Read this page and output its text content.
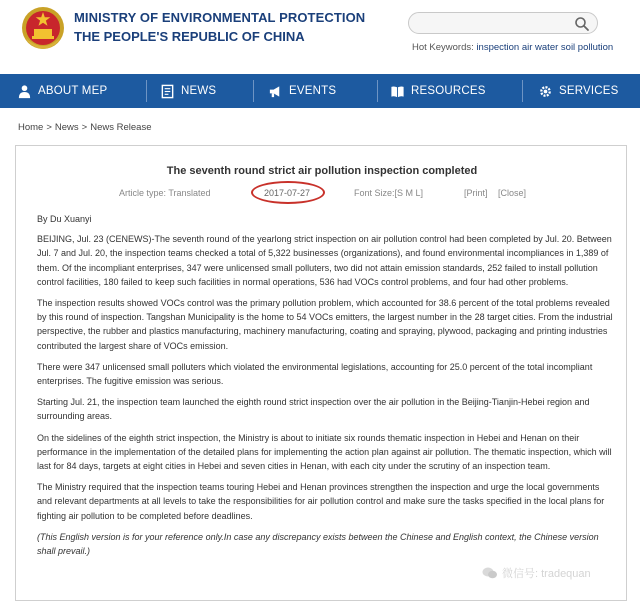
MINISTRY OF ENVIRONMENTAL PROTECTION
THE PEOPLE'S REPUBLIC OF CHINA
Hot Keywords: inspection air water soil pollution
ABOUT MEP	NEWS	EVENTS	RESOURCES	SERVICES
Home > News > News Release
The seventh round strict air pollution inspection completed
Article type: Translated	2017-07-27	Font Size:[S M L]	[Print] [Close]

By Du Xuanyi

BEIJING, Jul. 23 (CENEWS)-The seventh round of the yearlong strict inspection on air pollution control had been completed by Jul. 20. Between Jul. 7 and Jul. 20, the inspection teams checked a total of 5,322 businesses (organizations), and found environmental incompliances in 1,389 of them. Of the incompliant enterprises, 347 were unlicensed small polluters, two did not attain emission standards, 252 failed to install pollution control facilities, 180 failed to keep such facilities in normal operations, 536 had VOCs control problems, and four had other problems.

The inspection results showed VOCs control was the primary pollution problem, which accounted for 38.6 percent of the total problems revealed by this round of inspection. Tangshan Municipality is the home to 54 VOCs emitters, the largest number in the 28 target cities. From the industrial perspective, the rubber and plastics manufacturing, machinery manufacturing, coating and spraying, plywood, packaging and printing industries contributed the largest share of VOCs emission.

There were 347 unlicensed small polluters which violated the environmental legislations, accounting for 25.0 percent of the total incompliant enterprises. The fugitive emission was serious.

Starting Jul. 21, the inspection team launched the eighth round strict inspection over the air pollution in the Beijing-Tianjin-Hebei region and surrounding areas.

On the sidelines of the eighth strict inspection, the Ministry is about to initiate six rounds thematic inspection in Hebei and Henan on their performance in the implementation of the detailed plans for implementing the action plan against air pollution. The thematic inspection, which will last for 84 days, targets at eight cities in Hebei and seven cities in Henan, with each city under the scrutiny of an inspection team.

The Ministry required that the inspection teams touring Hebei and Henan provinces strengthen the inspection and urge the local governments and relevant departments at all levels to take the responsibilities for air pollution control and make sure the tasks specified in the local plans for fighting air pollution to be completed before deadlines.

(This English version is for your reference only.In case any discrepancy exists between the Chinese and English context, the Chinese version shall prevail.)

微信号: tradequan
